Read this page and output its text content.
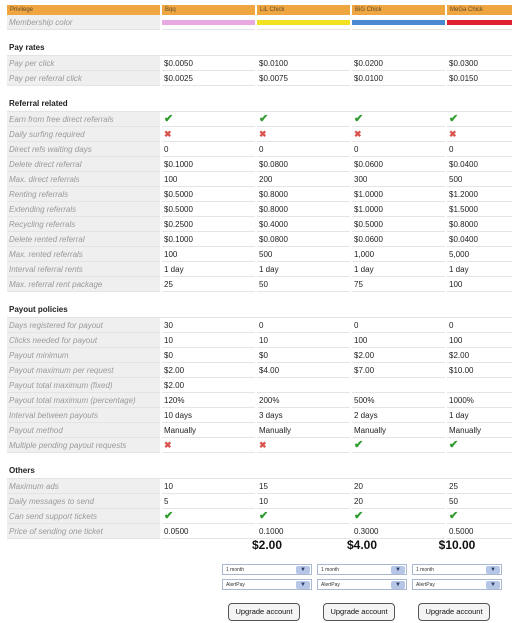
Privilege	Bqq	LiL Chick	BiG Chick	MeGa Chick
Membership color	

Pay rates				
Pay per click	$0.0050	$0.0100	$0.0200	$0.0300
Pay per referral click	$0.0025	$0.0075	$0.0100	$0.0150

Referral related				
Earn from free direct referrals	✔	✔	✔	✔
Daily surfing required	✖	✖	✖	✖
Direct refs waiting days	0	0	0	0
Delete direct referral	$0.1000	$0.0800	$0.0600	$0.0400
Max. direct referrals	100	200	300	500
Renting referrals	$0.5000	$0.8000	$1.0000	$1.2000
Extending referrals	$0.5000	$0.8000	$1.0000	$1.5000
Recycling referrals	$0.2500	$0.4000	$0.5000	$0.8000
Delete rented referral	$0.1000	$0.0800	$0.0600	$0.0400
Max. rented referrals	100	500	1,000	5,000
Interval referral rents	1 day	1 day	1 day	1 day
Max. referral rent package	25	50	75	100

Payout policies				
Days registered for payout	30	0	0	0
Clicks needed for payout	10	10	100	100
Payout minimum	$0	$0	$2.00	$2.00
Payout maximum per request	$2.00	$4.00	$7.00	$10.00
Payout total maximum (fixed)	$2.00			
Payout total maximum (percentage)	120%	200%	500%	1000%
Interval between payouts	10 days	3 days	2 days	1 day
Payout method	Manually	Manually	Manually	Manually
Multiple pending payout requests	✖	✖	✔	✔

Others				
Maximum ads	10	15	20	25
Daily messages to send	5	10	20	50
Can send support tickets	✔	✔	✔	✔
Price of sending one ticket	0.0500	0.1000	0.3000	0.5000
$2.00
1 month	▼
AlertPay	▼
Upgrade account
$4.00
1 month	▼
AlertPay	▼
Upgrade account
$10.00
1 month	▼
AlertPay	▼
Upgrade account
